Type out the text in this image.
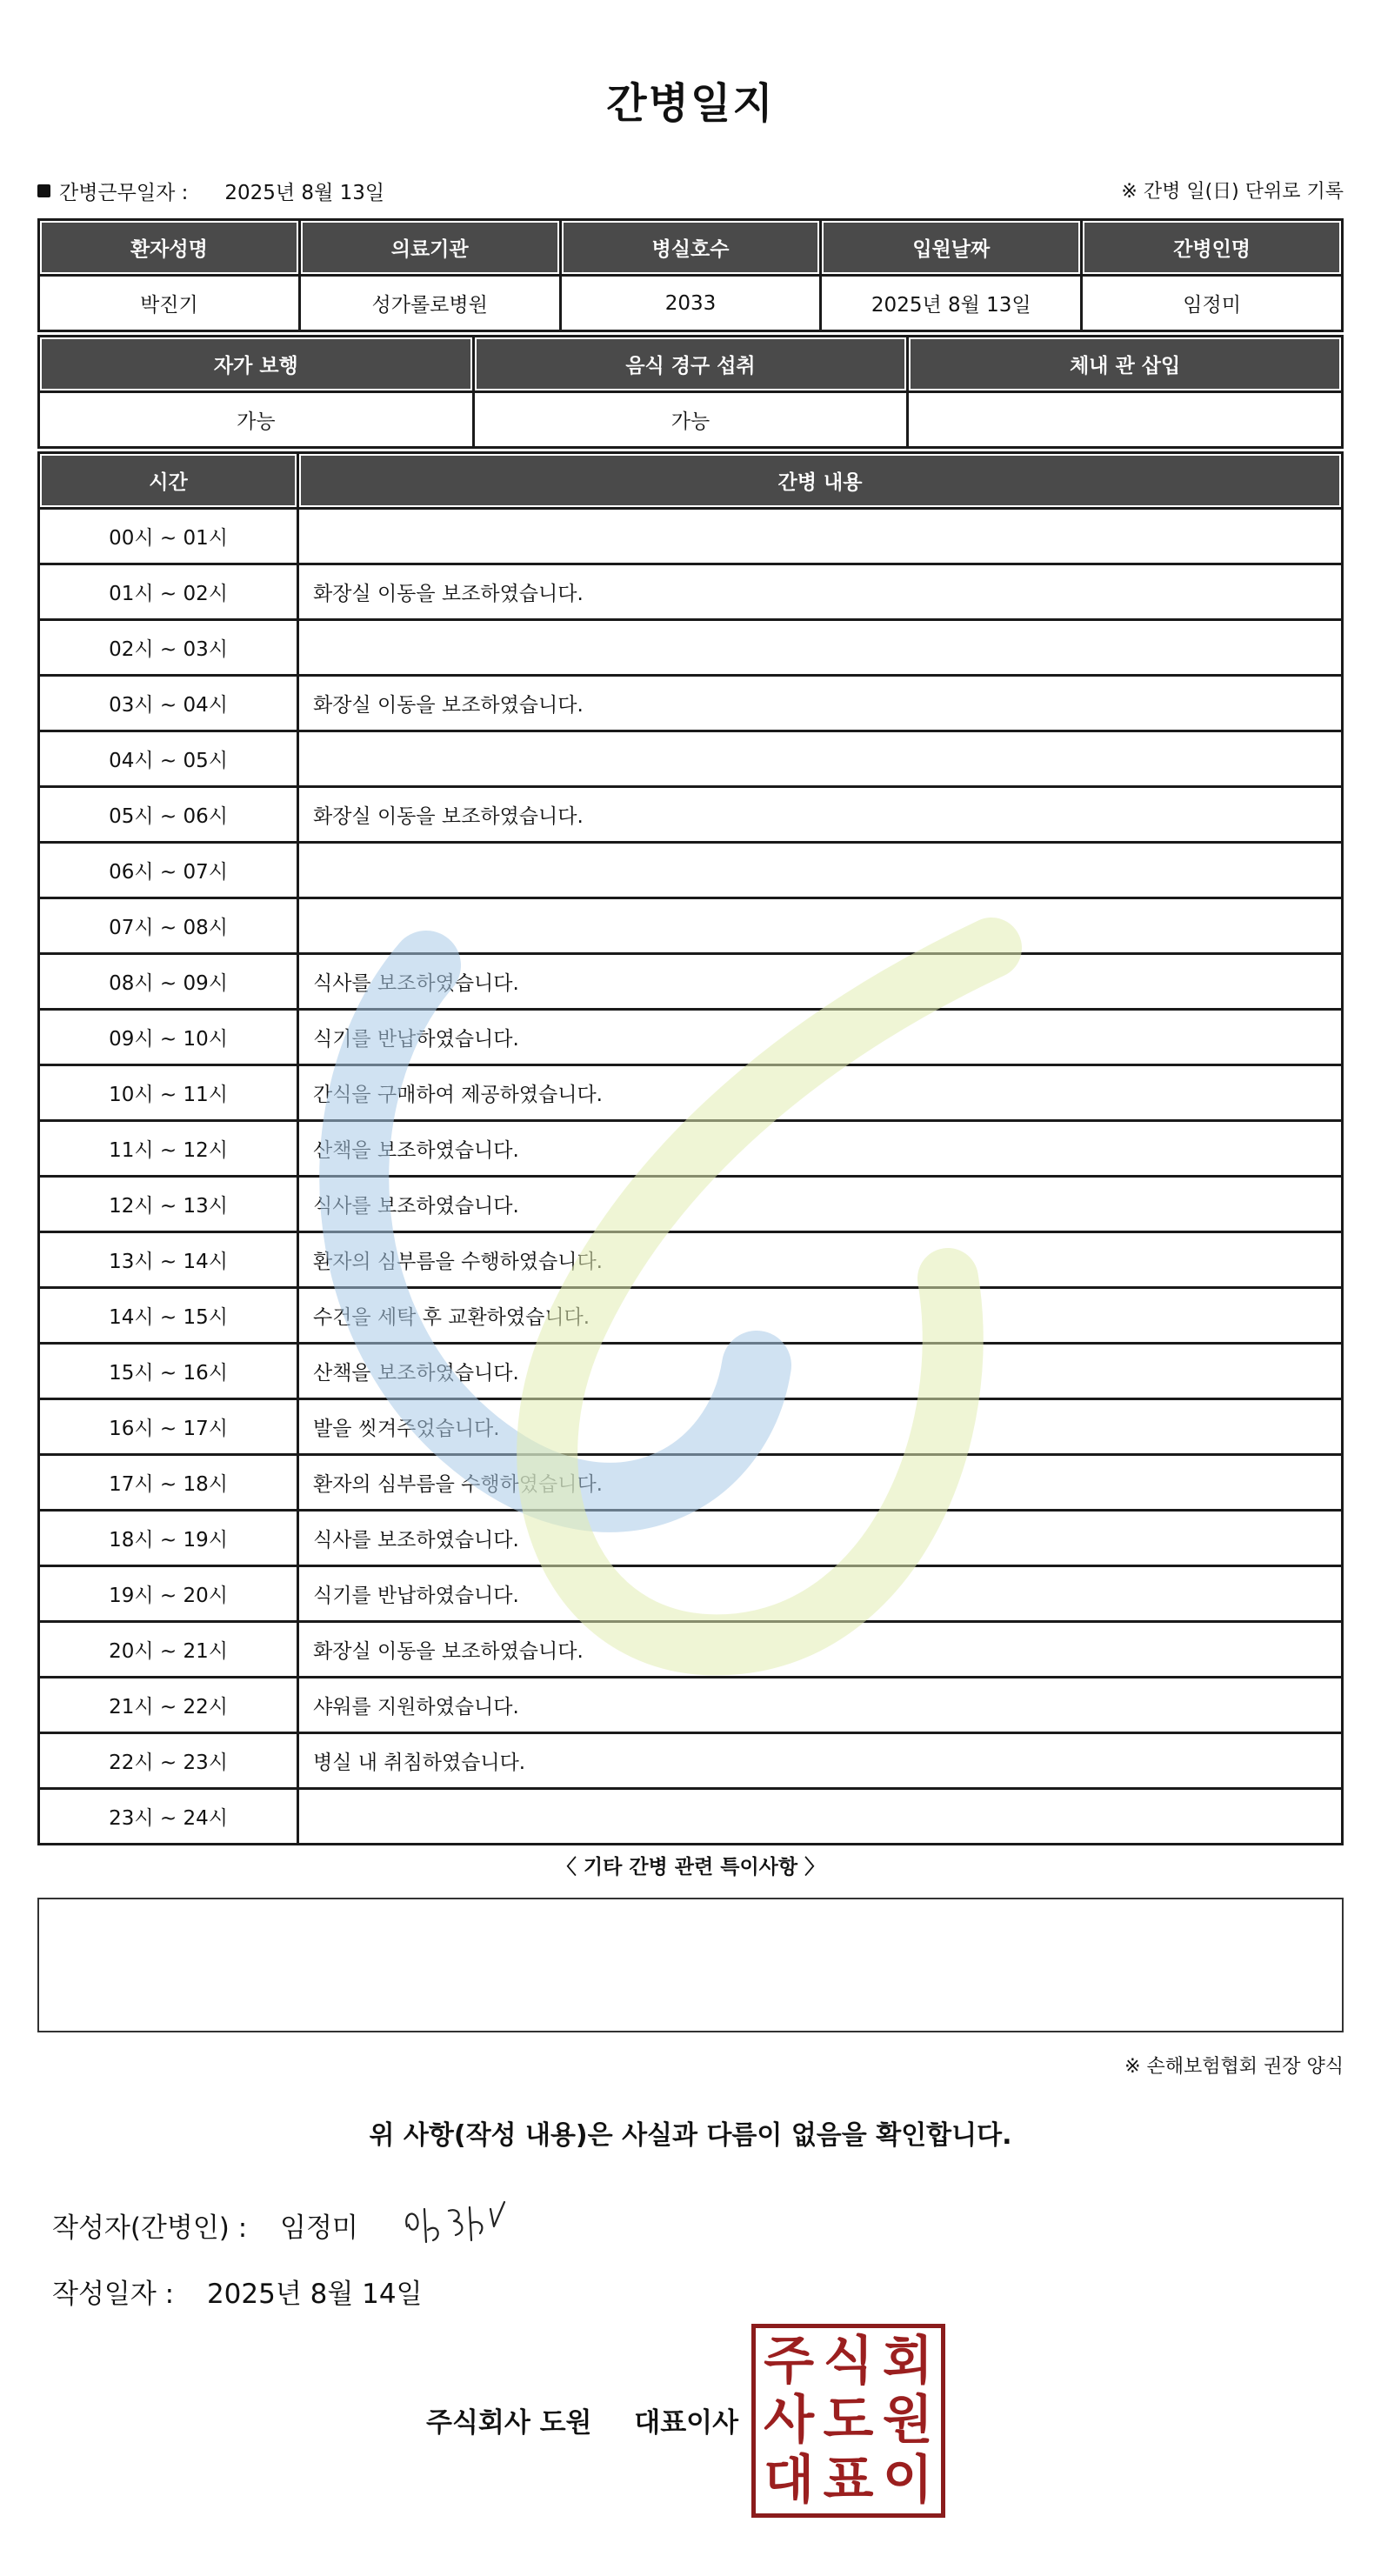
간병일지
간병근무일자 : 2025년 8월 13일	※ 간병 일(日) 단위로 기록
환자성명	의료기관	병실호수	입원날짜	간병인명
박진기	성가롤로병원	2033	2025년 8월 13일	임정미
자가 보행	음식 경구 섭취	체내 관 삽입
가능	가능	
시간	간병 내용
00시 ~ 01시	
01시 ~ 02시	화장실 이동을 보조하였습니다.
02시 ~ 03시	
03시 ~ 04시	화장실 이동을 보조하였습니다.
04시 ~ 05시	
05시 ~ 06시	화장실 이동을 보조하였습니다.
06시 ~ 07시	
07시 ~ 08시	
08시 ~ 09시	식사를 보조하였습니다.
09시 ~ 10시	식기를 반납하였습니다.
10시 ~ 11시	간식을 구매하여 제공하였습니다.
11시 ~ 12시	산책을 보조하였습니다.
12시 ~ 13시	식사를 보조하였습니다.
13시 ~ 14시	환자의 심부름을 수행하였습니다.
14시 ~ 15시	수건을 세탁 후 교환하였습니다.
15시 ~ 16시	산책을 보조하였습니다.
16시 ~ 17시	발을 씻겨주었습니다.
17시 ~ 18시	환자의 심부름을 수행하였습니다.
18시 ~ 19시	식사를 보조하였습니다.
19시 ~ 20시	식기를 반납하였습니다.
20시 ~ 21시	화장실 이동을 보조하였습니다.
21시 ~ 22시	샤워를 지원하였습니다.
22시 ~ 23시	병실 내 취침하였습니다.
23시 ~ 24시	
〈 기타 간병 관련 특이사항 〉
※ 손해보험협회 권장 양식
위 사항(작성 내용)은 사실과 다름이 없음을 확인합니다.
작성자(간병인) : 임정미
작성일자 : 2025년 8월 14일
주식회사 도원 대표이사
주 식 회
사 도 원
대 표 이
